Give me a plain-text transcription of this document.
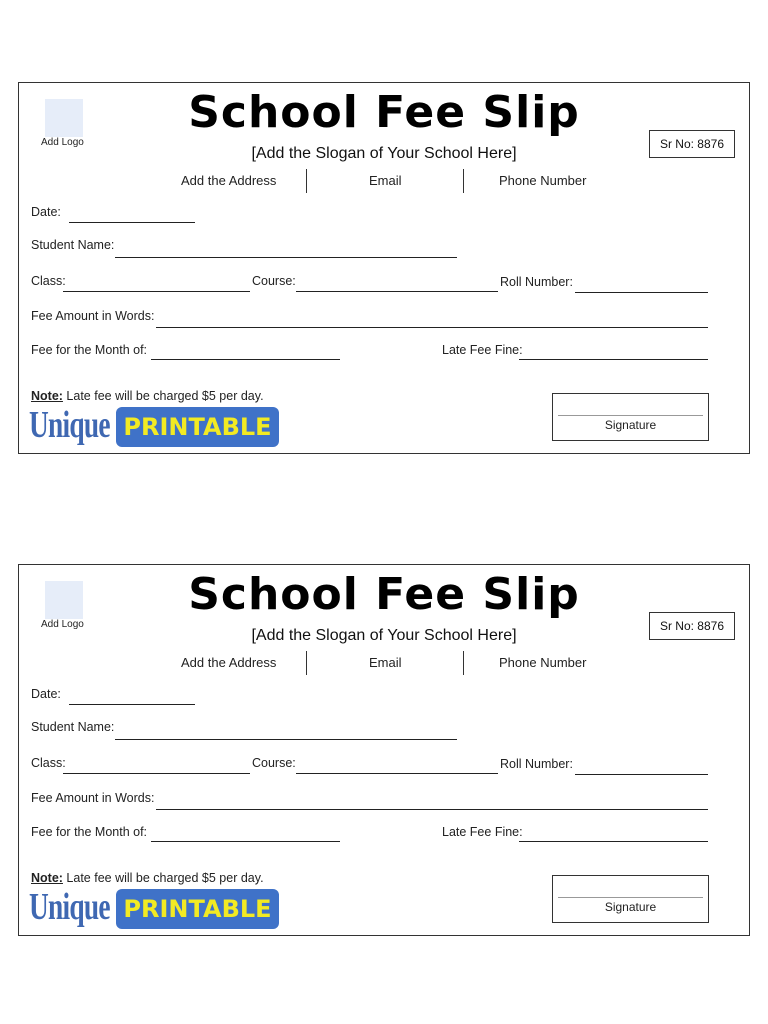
Add Logo
School Fee Slip
[Add the Slogan of Your School Here]
Sr No: 8876
Add the Address	Email	Phone Number
Date:
Student Name:
Class:	Course:	Roll Number:
Fee Amount in Words:
Fee for the Month of:	Late Fee Fine:
Note: Late fee will be charged $5 per day.
Unique PRINTABLE	Signature
Add Logo
School Fee Slip
[Add the Slogan of Your School Here]
Sr No: 8876
Add the Address	Email	Phone Number
Date:
Student Name:
Class:	Course:	Roll Number:
Fee Amount in Words:
Fee for the Month of:	Late Fee Fine:
Note: Late fee will be charged $5 per day.
Unique PRINTABLE	Signature
